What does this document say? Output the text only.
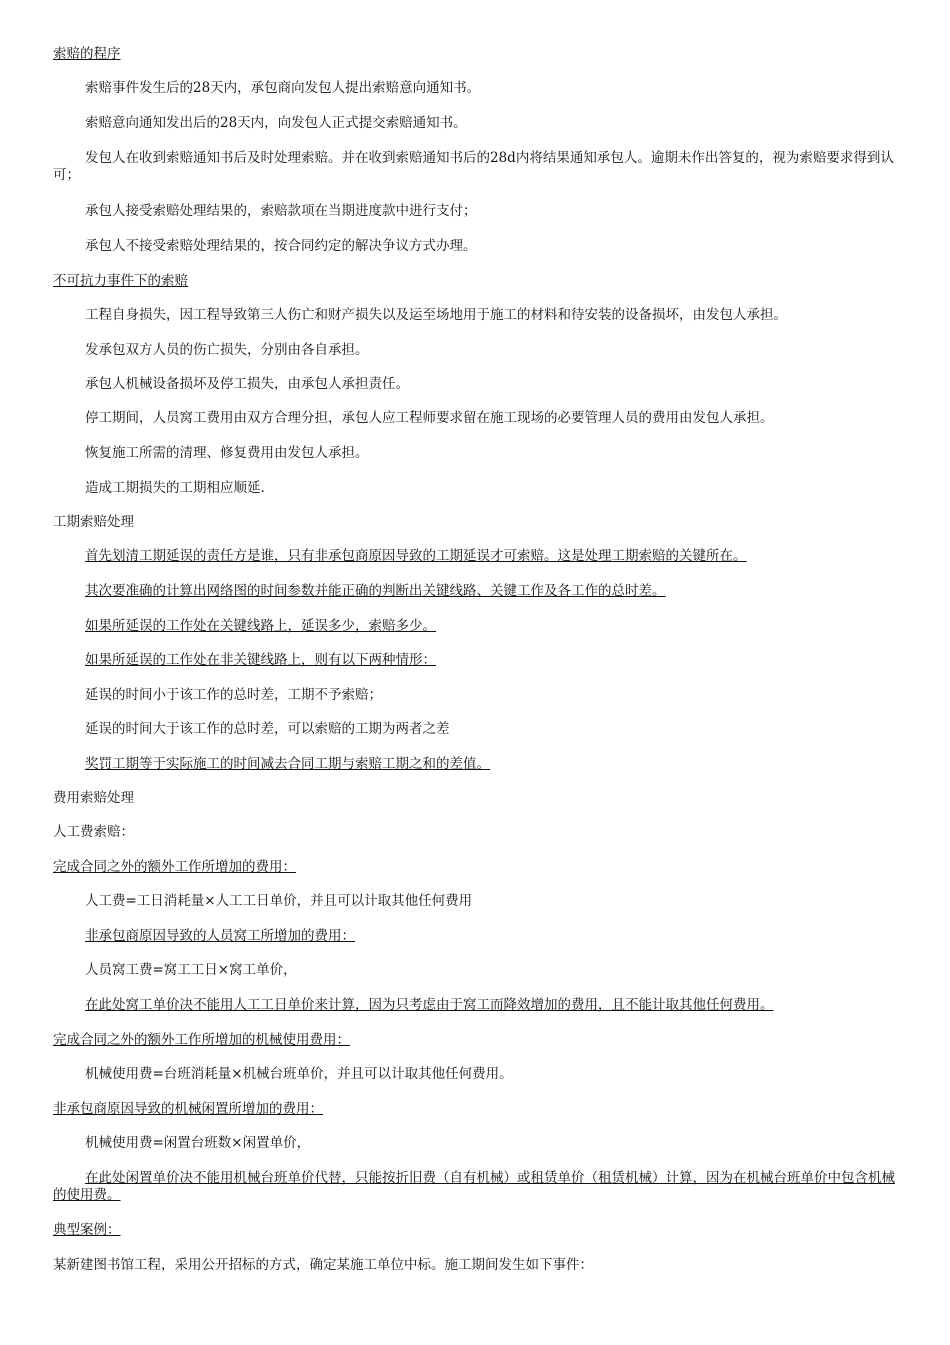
索赔的程序
索赔事件发生后的28天内，承包商向发包人提出索赔意向通知书。
索赔意向通知发出后的28天内，向发包人正式提交索赔通知书。
发包人在收到索赔通知书后及时处理索赔。并在收到索赔通知书后的28d内将结果通知承包人。逾期未作出答复的，视为索赔要求得到认可；
承包人接受索赔处理结果的，索赔款项在当期进度款中进行支付；
承包人不接受索赔处理结果的，按合同约定的解决争议方式办理。
不可抗力事件下的索赔
工程自身损失，因工程导致第三人伤亡和财产损失以及运至场地用于施工的材料和待安装的设备损坏，由发包人承担。
发承包双方人员的伤亡损失，分别由各自承担。
承包人机械设备损坏及停工损失，由承包人承担责任。
停工期间，人员窝工费用由双方合理分担，承包人应工程师要求留在施工现场的必要管理人员的费用由发包人承担。
恢复施工所需的清理、修复费用由发包人承担。
造成工期损失的工期相应顺延.
工期索赔处理
首先划清工期延误的责任方是谁，只有非承包商原因导致的工期延误才可索赔。这是处理工期索赔的关键所在。
其次要准确的计算出网络图的时间参数并能正确的判断出关键线路、关键工作及各工作的总时差。
如果所延误的工作处在关键线路上，延误多少，索赔多少。
如果所延误的工作处在非关键线路上，则有以下两种情形：
延误的时间小于该工作的总时差，工期不予索赔；
延误的时间大于该工作的总时差，可以索赔的工期为两者之差
奖罚工期等于实际施工的时间减去合同工期与索赔工期之和的差值。
费用索赔处理
人工费索赔：
完成合同之外的额外工作所增加的费用：
人工费=工日消耗量×人工工日单价，并且可以计取其他任何费用
非承包商原因导致的人员窝工所增加的费用：
人员窝工费=窝工工日×窝工单价，
在此处窝工单价决不能用人工工日单价来计算，因为只考虑由于窝工而降效增加的费用，且不能计取其他任何费用。
完成合同之外的额外工作所增加的机械使用费用：
机械使用费=台班消耗量×机械台班单价，并且可以计取其他任何费用。
非承包商原因导致的机械闲置所增加的费用：
机械使用费=闲置台班数×闲置单价，
在此处闲置单价决不能用机械台班单价代替，只能按折旧费（自有机械）或租赁单价（租赁机械）计算，因为在机械台班单价中包含机械的使用费。
典型案例：
某新建图书馆工程，采用公开招标的方式，确定某施工单位中标。施工期间发生如下事件：
